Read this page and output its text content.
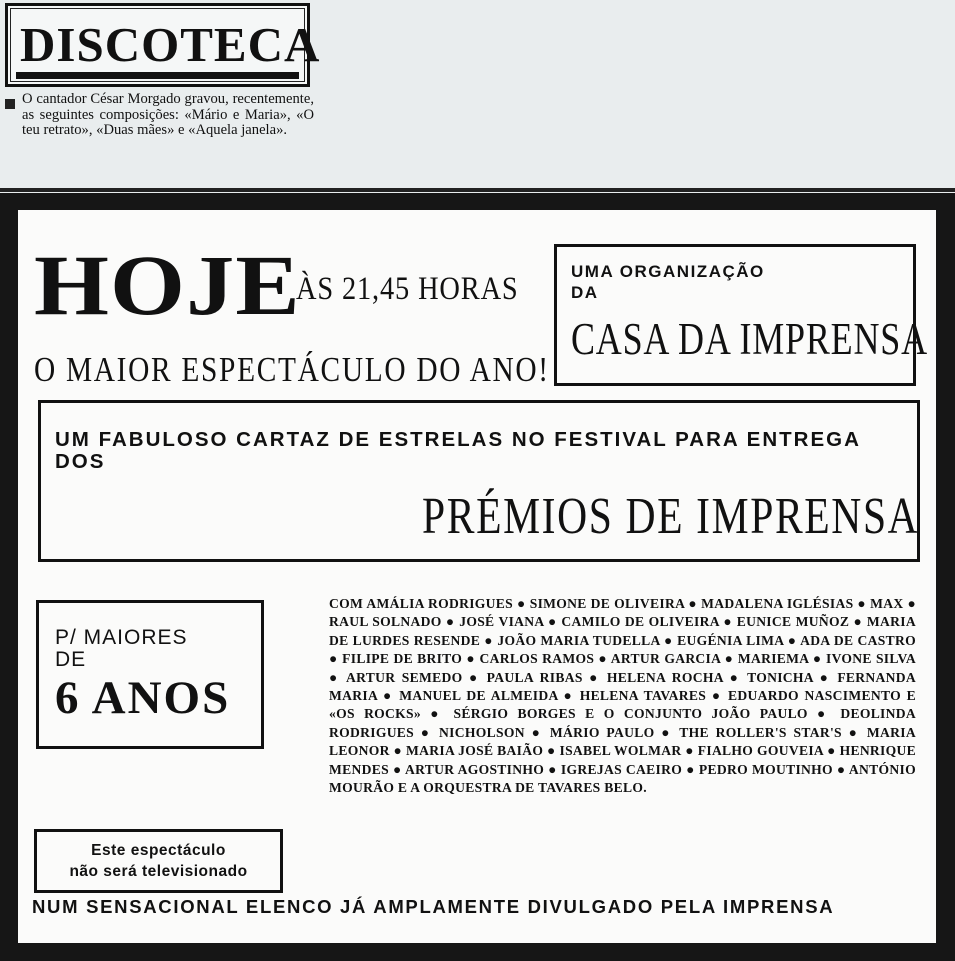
DISCOTECA

O cantador César Morgado gravou, recentemente, as seguintes composições: «Mário e Maria», «O teu retrato», «Duas mães» e «Aquela janela».

HOJE
ÀS 21,45 HORAS
O MAIOR ESPECTÁCULO DO ANO!
UMA ORGANIZAÇÃO
DA
CASA DA IMPRENSA
UM FABULOSO CARTAZ DE ESTRELAS NO FESTIVAL PARA ENTREGA
DOS
PRÉMIOS DE IMPRENSA
P/ MAIORES
DE
6 ANOS
Este espectáculo
não será televisionado

COM AMÁLIA RODRIGUES ● SIMONE DE OLIVEIRA ● MADALENA IGLÉSIAS ● MAX ● RAUL SOLNADO ● JOSÉ VIANA ● CAMILO DE OLIVEIRA ● EUNICE MUÑOZ ● MARIA DE LURDES RESENDE ● JOÃO MARIA TUDELLA ● EUGÉNIA LIMA ● ADA DE CASTRO ● FILIPE DE BRITO ● CARLOS RAMOS ● ARTUR GARCIA ● MARIEMA ● IVONE SILVA ● ARTUR SEMEDO ● PAULA RIBAS ● HELENA ROCHA ● TONICHA ● FERNANDA MARIA ● MANUEL DE ALMEIDA ● HELENA TAVARES ● EDUARDO NASCIMENTO E «OS ROCKS» ● SÉRGIO BORGES E O CONJUNTO JOÃO PAULO ● DEOLINDA RODRIGUES ● NICHOLSON ● MÁRIO PAULO ● THE ROLLER'S STAR'S ● MARIA LEONOR ● MARIA JOSÉ BAIÃO ● ISABEL WOLMAR ● FIALHO GOUVEIA ● HENRIQUE MENDES ● ARTUR AGOSTINHO ● IGREJAS CAEIRO ● PEDRO MOUTINHO ● ANTÓNIO MOURÃO E A ORQUESTRA DE TAVARES BELO.

NUM SENSACIONAL ELENCO JÁ AMPLAMENTE DIVULGADO PELA IMPRENSA
